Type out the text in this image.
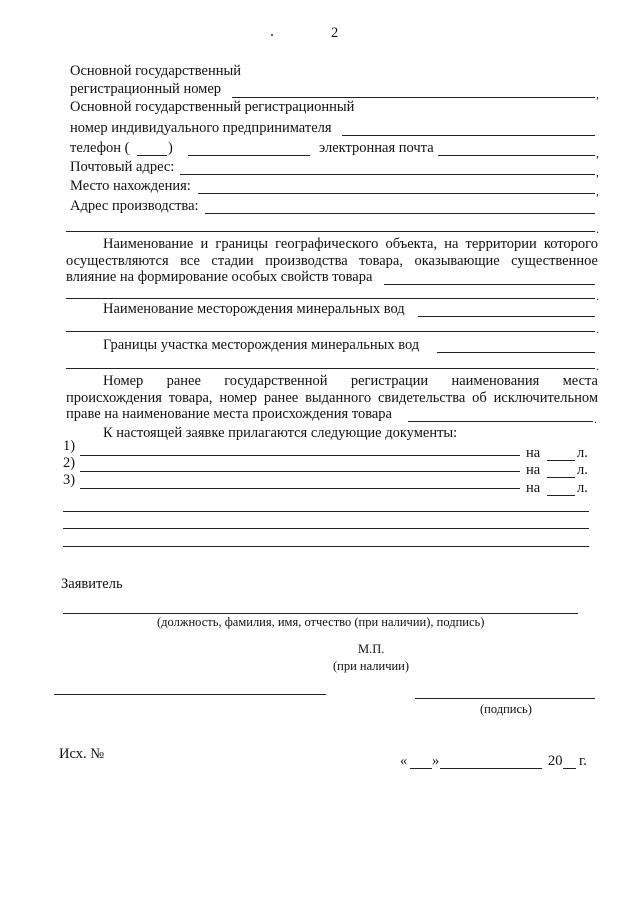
2
Основной государственный
регистрационный номер	,
Основной государственный регистрационный
номер индивидуального предпринимателя
телефон (	)	электронная почта	,
Почтовый адрес:	,
Место нахождения:	,
Адрес производства:
.
Наименование и границы географического объекта, на территории которого
осуществляются все стадии производства товара, оказывающие существенное
влияние на формирование особых свойств товара
.
Наименование месторождения минеральных вод
.
Границы участка месторождения минеральных вод
.
Номер ранее государственной регистрации наименования места
происхождения товара, номер ранее выданного свидетельства об исключительном
праве на наименование места происхождения товара	.
К настоящей заявке прилагаются следующие документы:
1)	на	л.
2)	на	л.
3)	на	л.
Заявитель
(должность, фамилия, имя, отчество (при наличии), подпись)
М.П.
(при наличии)
(подпись)
Исх. №	« »	20 г.
